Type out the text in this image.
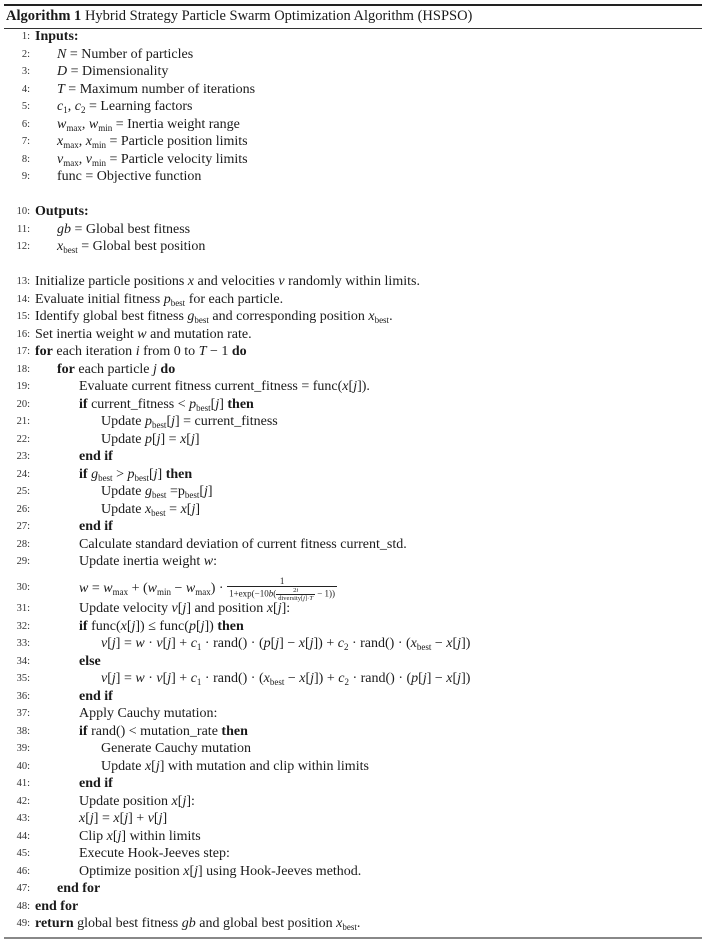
Algorithm 1 Hybrid Strategy Particle Swarm Optimization Algorithm (HSPSO)
1: Inputs:
2: N = Number of particles
3: D = Dimensionality
4: T = Maximum number of iterations
5: $c_1$, $c_2$ = Learning factors
6: $w_{max}$, $w_{min}$ = Inertia weight range
7: $x_{max}$, $x_{min}$ = Particle position limits
8: $v_{max}$, $v_{min}$ = Particle velocity limits
9: func = Objective function
10: Outputs:
11: gb = Global best fitness
12: $x_{best}$ = Global best position
13: Initialize particle positions x and velocities v randomly within limits.
14: Evaluate initial fitness $p_{best}$ for each particle.
15: Identify global best fitness $g_{best}$ and corresponding position $x_{best}$.
16: Set inertia weight w and mutation rate.
17: for each iteration i from 0 to T − 1 do
18: for each particle j do
19:	Evaluate current fitness current_fitness = func(x[j]).
20:	if current_fitness < $p_{best}[j]$ then
21:	Update $p_{best}[j]$ = current_fitness
22:	Update p[j] = x[j]
23:	end if
24:	if $g_{best} > p_{best}[j]$ then
25:	Update $g_{best} =p_{best}[j]$
26:	Update $x_{best} = x[j]$
27:	end if
28:	Calculate standard deviation of current fitness current_std.
29:	Update inertia weight w:
30:	$w = w_{max} + (w_{min} - w_{max}) \cdot \frac{1}{1+\exp(-10b( \frac{2i}{\text{diversity[j]·T}} - 1))}$
31:	Update velocity v[j] and position x[j]:
32:	if func(x[j]) ≤ func(p[j]) then
33:	$v[j] = w \cdot v[j] + c_1$ · rand() · $(p[j] - x[j]) + c_2$ · rand() · $(x_{best} - x[j])$
34:	else
35:	$v[j] = w \cdot v[j] + c_1$ · rand() · $(x_{best} - x[j]) + c_2$ · rand() · (p[j] − x[j])
36:	end if
37:	Apply Cauchy mutation:
38:	if rand() < mutation_rate then
39:	Generate Cauchy mutation
40:	Update x[j] with mutation and clip within limits
41:	end if
42:	Update position x[j]:
43:	x[j] = x[j] + v[j]
44:	Clip x[j] within limits
45:	Execute Hook-Jeeves step:
46:	Optimize position x[j] using Hook-Jeeves method.
47: end for
48: end for
49: return global best fitness gb and global best position $x_{best}$.
